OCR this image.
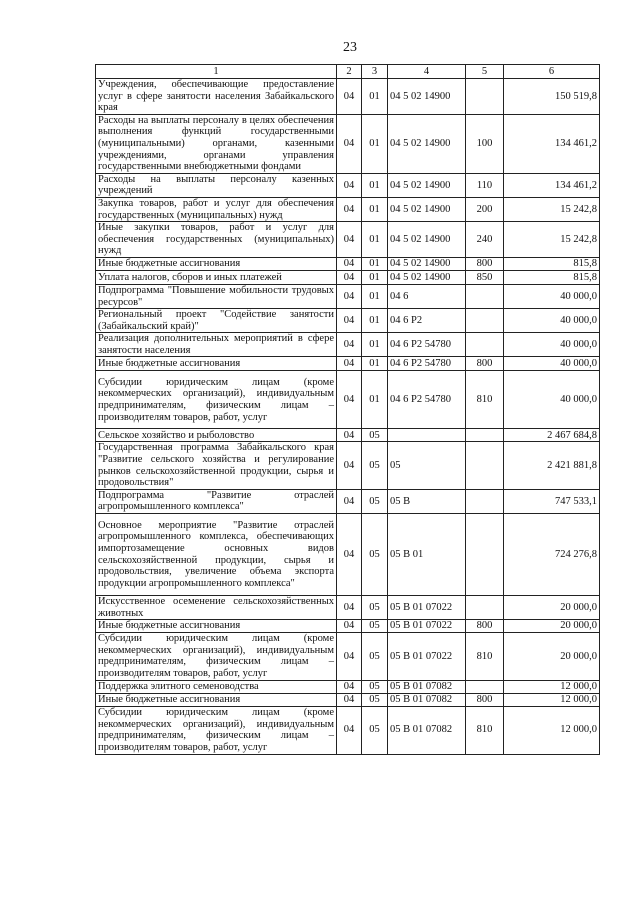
23
1	2	3	4	5	6
Учреждения, обеспечивающие предоставление услуг в сфере занятости населения Забайкальского края	04	01	04 5 02 14900		150 519,8
Расходы на выплаты персоналу в целях обеспечения выполнения функций государственными (муниципальными) органами, казенными учреждениями, органами управления государственными внебюджетными фондами	04	01	04 5 02 14900	100	134 461,2
Расходы на выплаты персоналу казенных учреждений	04	01	04 5 02 14900	110	134 461,2
Закупка товаров, работ и услуг для обеспечения государственных (муниципальных) нужд	04	01	04 5 02 14900	200	15 242,8
Иные закупки товаров, работ и услуг для обеспечения государственных (муниципальных) нужд	04	01	04 5 02 14900	240	15 242,8
Иные бюджетные ассигнования	04	01	04 5 02 14900	800	815,8
Уплата налогов, сборов и иных платежей	04	01	04 5 02 14900	850	815,8
Подпрограмма "Повышение мобильности трудовых ресурсов"	04	01	04 6		40 000,0
Региональный проект "Содействие занятости (Забайкальский край)"	04	01	04 6 P2		40 000,0
Реализация дополнительных мероприятий в сфере занятости населения	04	01	04 6 P2 54780		40 000,0
Иные бюджетные ассигнования	04	01	04 6 P2 54780	800	40 000,0
Субсидии юридическим лицам (кроме некоммерческих организаций), индивидуальным предпринимателям, физическим лицам – производителям товаров, работ, услуг	04	01	04 6 P2 54780	810	40 000,0
Сельское хозяйство и рыболовство	04	05			2 467 684,8
Государственная программа Забайкальского края "Развитие сельского хозяйства и регулирование рынков сельскохозяйственной продукции, сырья и продовольствия"	04	05	05		2 421 881,8
Подпрограмма "Развитие отраслей агропромышленного комплекса"	04	05	05 B		747 533,1
Основное мероприятие "Развитие отраслей агропромышленного комплекса, обеспечивающих импортозамещение основных видов сельскохозяйственной продукции, сырья и продовольствия, увеличение объема экспорта продукции агропромышленного комплекса"	04	05	05 B 01		724 276,8
Искусственное осеменение сельскохозяйственных животных	04	05	05 B 01 07022		20 000,0
Иные бюджетные ассигнования	04	05	05 B 01 07022	800	20 000,0
Субсидии юридическим лицам (кроме некоммерческих организаций), индивидуальным предпринимателям, физическим лицам – производителям товаров, работ, услуг	04	05	05 B 01 07022	810	20 000,0
Поддержка элитного семеноводства	04	05	05 B 01 07082		12 000,0
Иные бюджетные ассигнования	04	05	05 B 01 07082	800	12 000,0
Субсидии юридическим лицам (кроме некоммерческих организаций), индивидуальным предпринимателям, физическим лицам – производителям товаров, работ, услуг	04	05	05 B 01 07082	810	12 000,0
